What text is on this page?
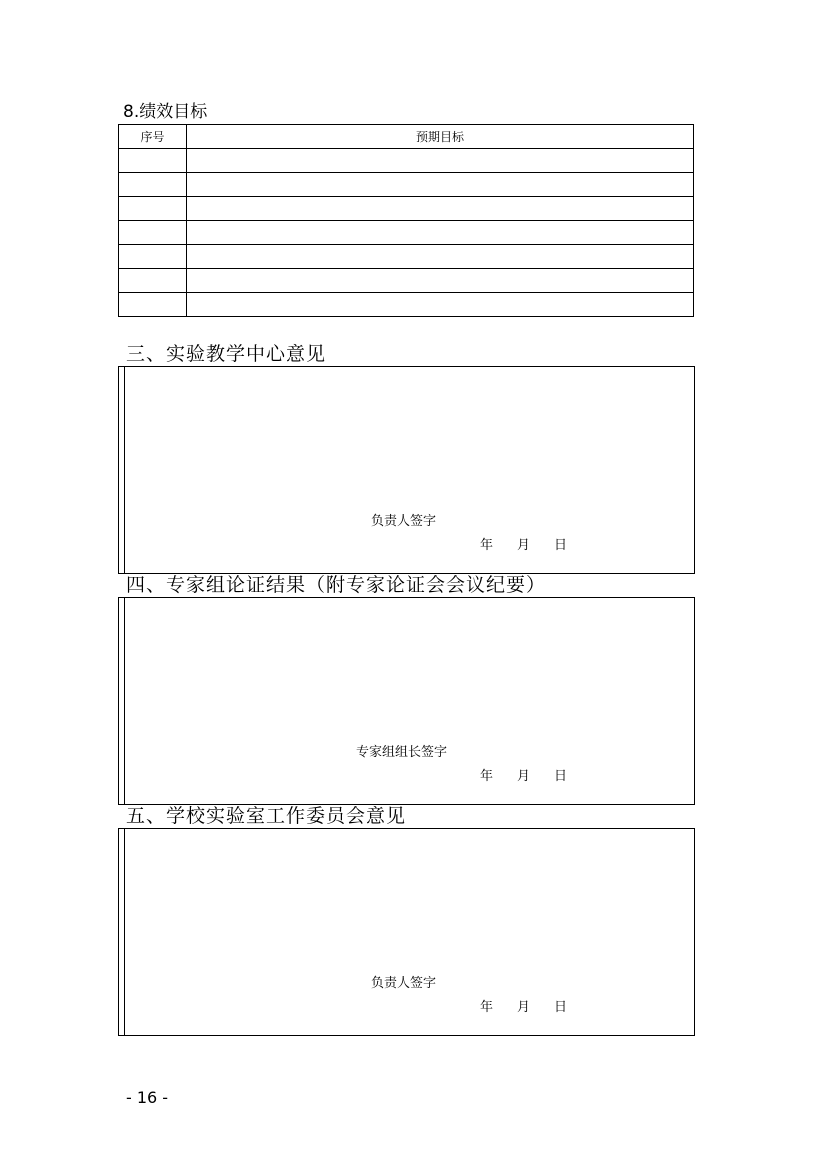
8.绩效目标
序号	预期目标

三、实验教学中心意见
负责人签字
年 月 日
四、专家组论证结果（附专家论证会会议纪要）
专家组组长签字
年 月 日
五、学校实验室工作委员会意见
负责人签字
年 月 日
- 16 -
